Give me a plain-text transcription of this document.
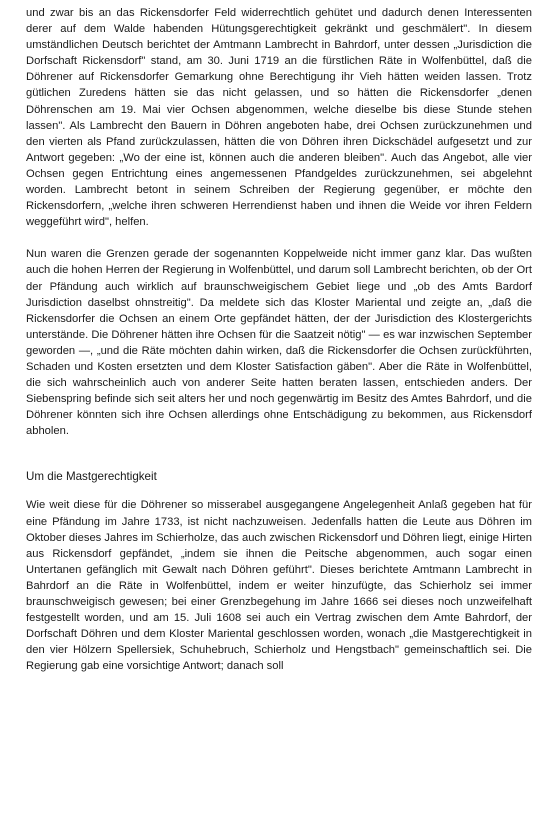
und zwar bis an das Rickensdorfer Feld widerrechtlich gehütet und dadurch denen Interessenten derer auf dem Walde habenden Hütungsgerechtigkeit gekränkt und geschmälert". In diesem umständlichen Deutsch berichtet der Amtmann Lambrecht in Bahrdorf, unter dessen „Jurisdiction die Dorfschaft Rickensdorf" stand, am 30. Juni 1719 an die fürstlichen Räte in Wolfenbüttel, daß die Döhrener auf Rickensdorfer Gemarkung ohne Berechtigung ihr Vieh hätten weiden lassen. Trotz gütlichen Zuredens hätten sie das nicht gelassen, und so hätten die Rickensdorfer „denen Döhrenschen am 19. Mai vier Ochsen abgenommen, welche dieselbe bis diese Stunde stehen lassen". Als Lambrecht den Bauern in Döhren angeboten habe, drei Ochsen zurückzunehmen und den vierten als Pfand zurückzulassen, hätten die von Döhren ihren Dickschädel aufgesetzt und zur Antwort gegeben: „Wo der eine ist, können auch die anderen bleiben". Auch das Angebot, alle vier Ochsen gegen Entrichtung eines angemessenen Pfandgeldes zurückzunehmen, sei abgelehnt worden. Lambrecht betont in seinem Schreiben der Regierung gegenüber, er möchte den Rickensdorfern, „welche ihren schweren Herrendienst haben und ihnen die Weide vor ihren Feldern weggeführt wird", helfen.

Nun waren die Grenzen gerade der sogenannten Koppelweide nicht immer ganz klar. Das wußten auch die hohen Herren der Regierung in Wolfenbüttel, und darum soll Lambrecht berichten, ob der Ort der Pfändung auch wirklich auf braunschweigischem Gebiet liege und „ob des Amts Bardorf Jurisdiction daselbst ohnstreitig". Da meldete sich das Kloster Mariental und zeigte an, „daß die Rickensdorfer die Ochsen an einem Orte gepfändet hätten, der der Jurisdiction des Klostergerichts unterstände. Die Döhrener hätten ihre Ochsen für die Saatzeit nötig" — es war inzwischen September geworden —, „und die Räte möchten dahin wirken, daß die Rickensdorfer die Ochsen zurückführten, Schaden und Kosten ersetzten und dem Kloster Satisfaction gäben". Aber die Räte in Wolfenbüttel, die sich wahrscheinlich auch von anderer Seite hatten beraten lassen, entschieden anders. Der Siebenspring befinde sich seit alters her und noch gegenwärtig im Besitz des Amtes Bahrdorf, und die Döhrener könnten sich ihre Ochsen allerdings ohne Entschädigung zu bekommen, aus Rickensdorf abholen.

Um die Mastgerechtigkeit

Wie weit diese für die Döhrener so misserabel ausgegangene Angelegenheit Anlaß gegeben hat für eine Pfändung im Jahre 1733, ist nicht nachzuweisen. Jedenfalls hatten die Leute aus Döhren im Oktober dieses Jahres im Schierholze, das auch zwischen Rickensdorf und Döhren liegt, einige Hirten aus Rickensdorf gepfändet, „indem sie ihnen die Peitsche abgenommen, auch sogar einen Untertanen gefänglich mit Gewalt nach Döhren geführt". Dieses berichtete Amtmann Lambrecht in Bahrdorf an die Räte in Wolfenbüttel, indem er weiter hinzufügte, das Schierholz sei immer braunschweigisch gewesen; bei einer Grenzbegehung im Jahre 1666 sei dieses noch unzweifelhaft festgestellt worden, und am 15. Juli 1608 sei auch ein Vertrag zwischen dem Amte Bahrdorf, der Dorfschaft Döhren und dem Kloster Mariental geschlossen worden, wonach „die Mastgerechtigkeit in den vier Hölzern Spellersiek, Schuhebruch, Schierholz und Hengstbach" gemeinschaftlich sei. Die Regierung gab eine vorsichtige Antwort; danach soll
